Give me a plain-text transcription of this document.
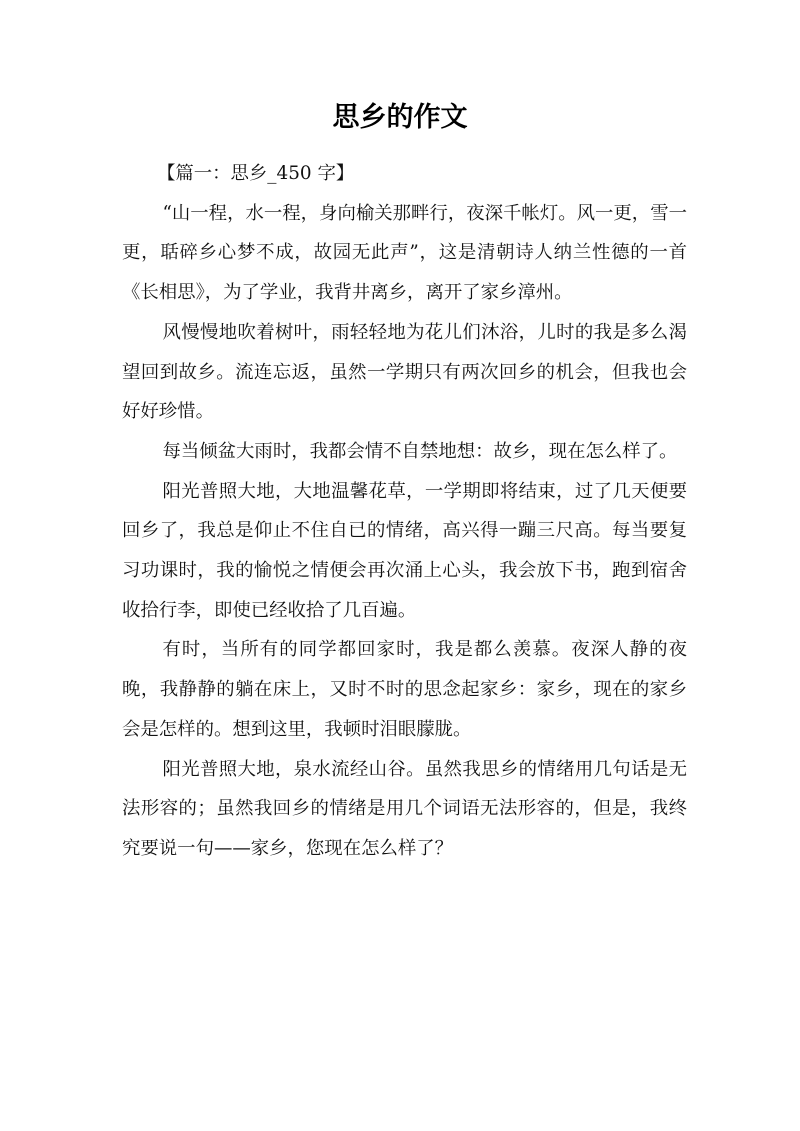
思乡的作文

【篇一：思乡_450 字】

“山一程，水一程，身向榆关那畔行，夜深千帐灯。风一更，雪一更，聒碎乡心梦不成，故园无此声”，这是清朝诗人纳兰性德的一首《长相思》，为了学业，我背井离乡，离开了家乡漳州。

风慢慢地吹着树叶，雨轻轻地为花儿们沐浴，儿时的我是多么渴望回到故乡。流连忘返，虽然一学期只有两次回乡的机会，但我也会好好珍惜。

每当倾盆大雨时，我都会情不自禁地想：故乡，现在怎么样了。

阳光普照大地，大地温馨花草，一学期即将结束，过了几天便要回乡了，我总是仰止不住自已的情绪，高兴得一蹦三尺高。每当要复习功课时，我的愉悦之情便会再次涌上心头，我会放下书，跑到宿舍收拾行李，即使已经收拾了几百遍。

有时，当所有的同学都回家时，我是都么羡慕。夜深人静的夜晚，我静静的躺在床上，又时不时的思念起家乡：家乡，现在的家乡会是怎样的。想到这里，我顿时泪眼朦胧。

阳光普照大地，泉水流经山谷。虽然我思乡的情绪用几句话是无法形容的；虽然我回乡的情绪是用几个词语无法形容的，但是，我终究要说一句——家乡，您现在怎么样了？
